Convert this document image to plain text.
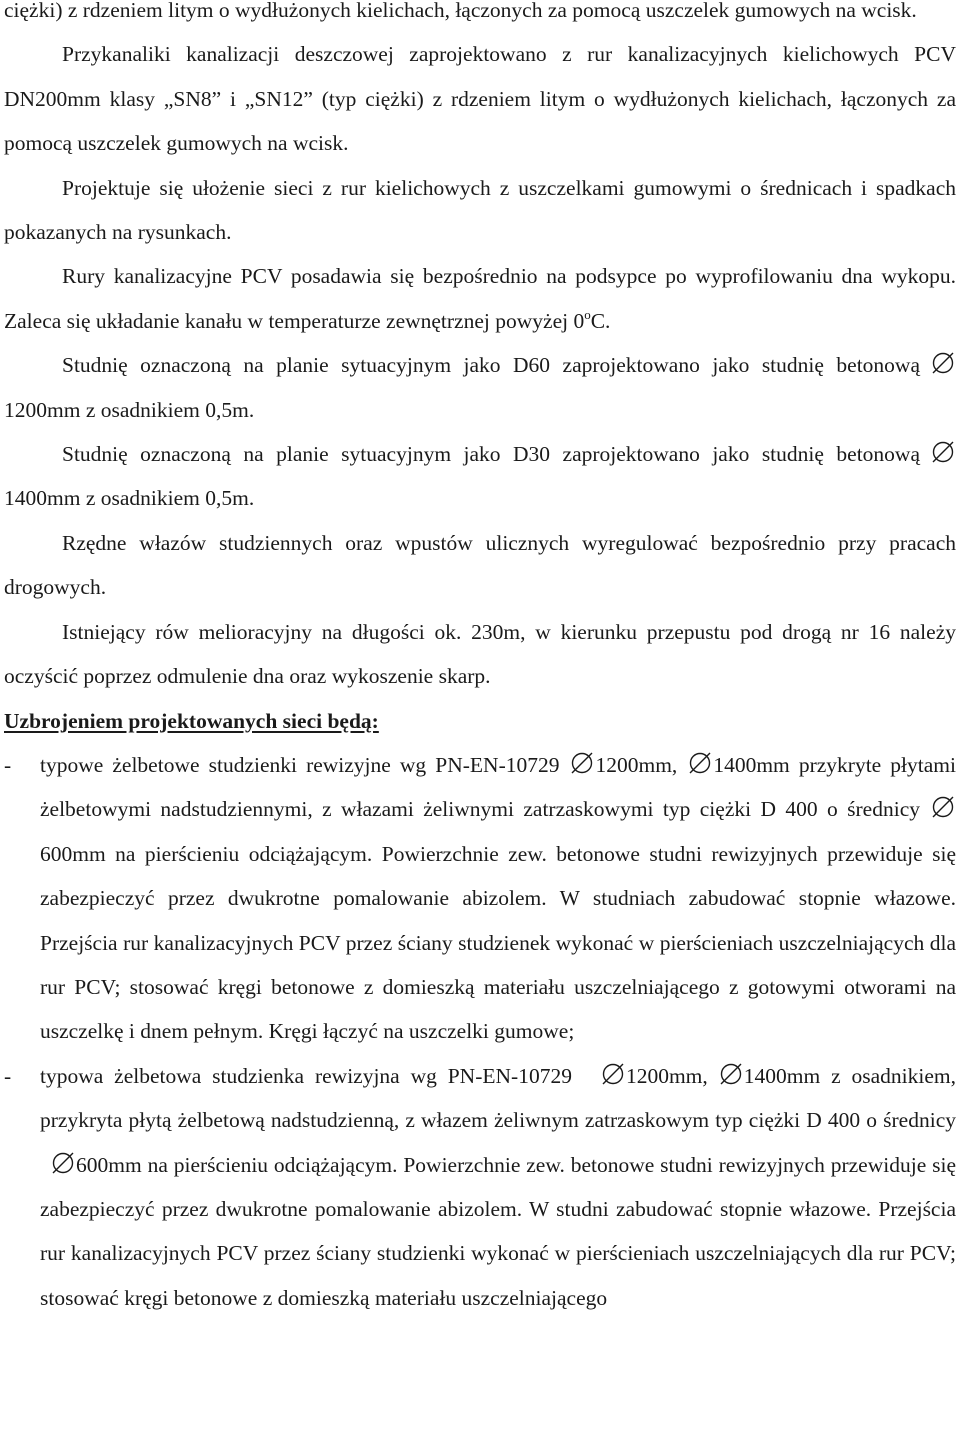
ciężki) z rdzeniem litym o wydłużonych kielichach, łączonych za pomocą uszczelek gumowych na wcisk.

Przykanaliki kanalizacji deszczowej zaprojektowano z rur kanalizacyjnych kielichowych PCV DN200mm klasy „SN8” i „SN12” (typ ciężki) z rdzeniem litym o wydłużonych kielichach, łączonych za pomocą uszczelek gumowych na wcisk.

Projektuje się ułożenie sieci z rur kielichowych z uszczelkami gumowymi o średnicach i spadkach pokazanych na rysunkach.

Rury kanalizacyjne PCV posadawia się bezpośrednio na podsypce po wyprofilowaniu dna wykopu. Zaleca się układanie kanału w temperaturze zewnętrznej powyżej 0$^o$C.

Studnię oznaczoną na planie sytuacyjnym jako D60 zaprojektowano jako studnię betonową1200mm z osadnikiem 0,5m.

Studnię oznaczoną na planie sytuacyjnym jako D30 zaprojektowano jako studnię betonową1400mm z osadnikiem 0,5m.

Rzędne włazów studziennych oraz wpustów ulicznych wyregulować bezpośrednio przy pracach drogowych.

Istniejący rów melioracyjny na długości ok. 230m, w kierunku przepustu pod drogą nr 16 należy oczyścić poprzez odmulenie dna oraz wykoszenie skarp.

Uzbrojeniem projektowanych sieci będą:

-	typowe żelbetowe studzienki rewizyjne wg PN-EN-10729 1200mm, 1400mm przykryte płytami żelbetowymi nadstudziennymi, z włazami żeliwnymi zatrzaskowymi typ ciężki D 400 o średnicy600mm na pierścieniu odciążającym. Powierzchnie zew. betonowe studni rewizyjnych przewiduje się zabezpieczyć przez dwukrotne pomalowanie abizolem. W studniach zabudować stopnie włazowe. Przejścia rur kanalizacyjnych PCV przez ściany studzienek wykonać w pierścieniach uszczelniających dla rur PCV; stosować kręgi betonowe z domieszką materiału uszczelniającego z gotowymi otworami na uszczelkę i dnem pełnym. Kręgi łączyć na uszczelki gumowe;
-	typowa żelbetowa studzienka rewizyjna wg PN-EN-10729	1200mm, 1400mm z osadnikiem, przykryta płytą żelbetową nadstudzienną, z włazem żeliwnym zatrzaskowym typ ciężki D 400 o średnicy600mm na pierścieniu odciążającym. Powierzchnie zew. betonowe studni rewizyjnych przewiduje się zabezpieczyć przez dwukrotne pomalowanie abizolem. W studni zabudować stopnie włazowe. Przejścia rur kanalizacyjnych PCV przez ściany studzienki wykonać w pierścieniach uszczelniających dla rur PCV; stosować kręgi betonowe z domieszką materiału uszczelniającego
